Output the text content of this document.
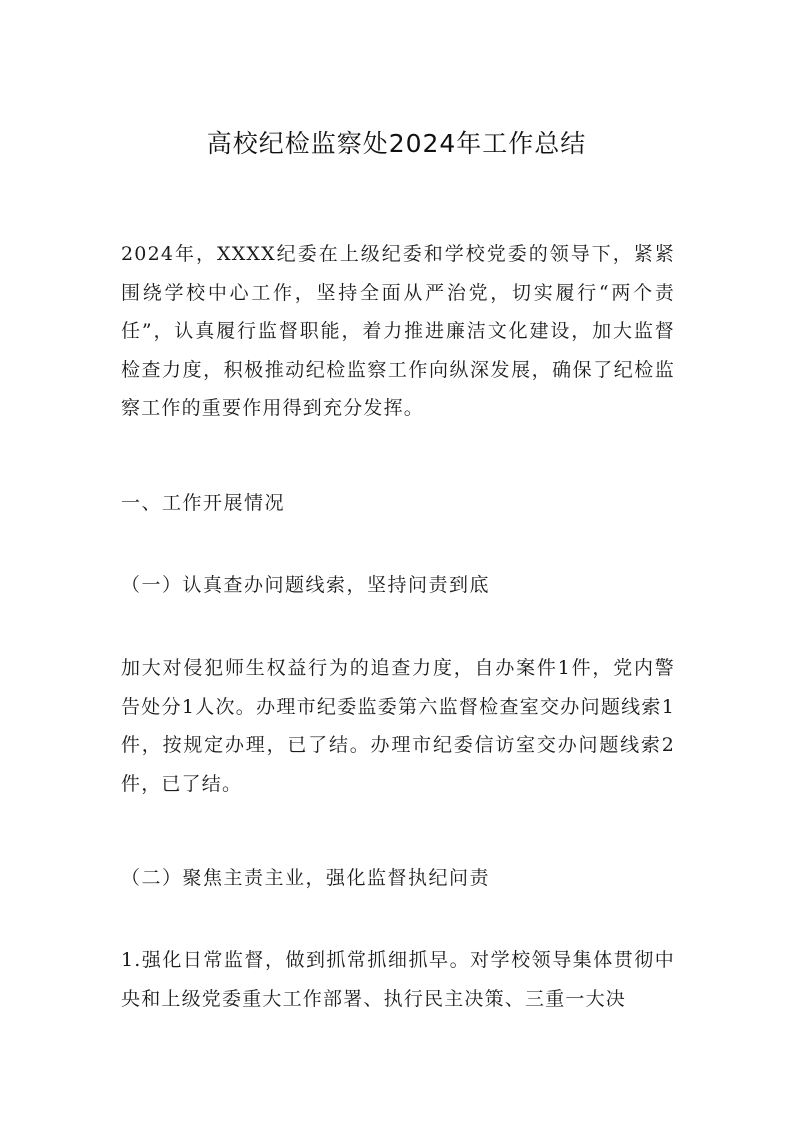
高校纪检监察处2024年工作总结

2024年，XXXX纪委在上级纪委和学校党委的领导下，紧紧围绕学校中心工作，坚持全面从严治党，切实履行“两个责任”，认真履行监督职能，着力推进廉洁文化建设，加大监督检查力度，积极推动纪检监察工作向纵深发展，确保了纪检监察工作的重要作用得到充分发挥。

一、工作开展情况

（一）认真查办问题线索，坚持问责到底

加大对侵犯师生权益行为的追查力度，自办案件1件，党内警告处分1人次。办理市纪委监委第六监督检查室交办问题线索1件，按规定办理，已了结。办理市纪委信访室交办问题线索2件，已了结。

（二）聚焦主责主业，强化监督执纪问责

1.强化日常监督，做到抓常抓细抓早。对学校领导集体贯彻中央和上级党委重大工作部署、执行民主决策、三重一大决
